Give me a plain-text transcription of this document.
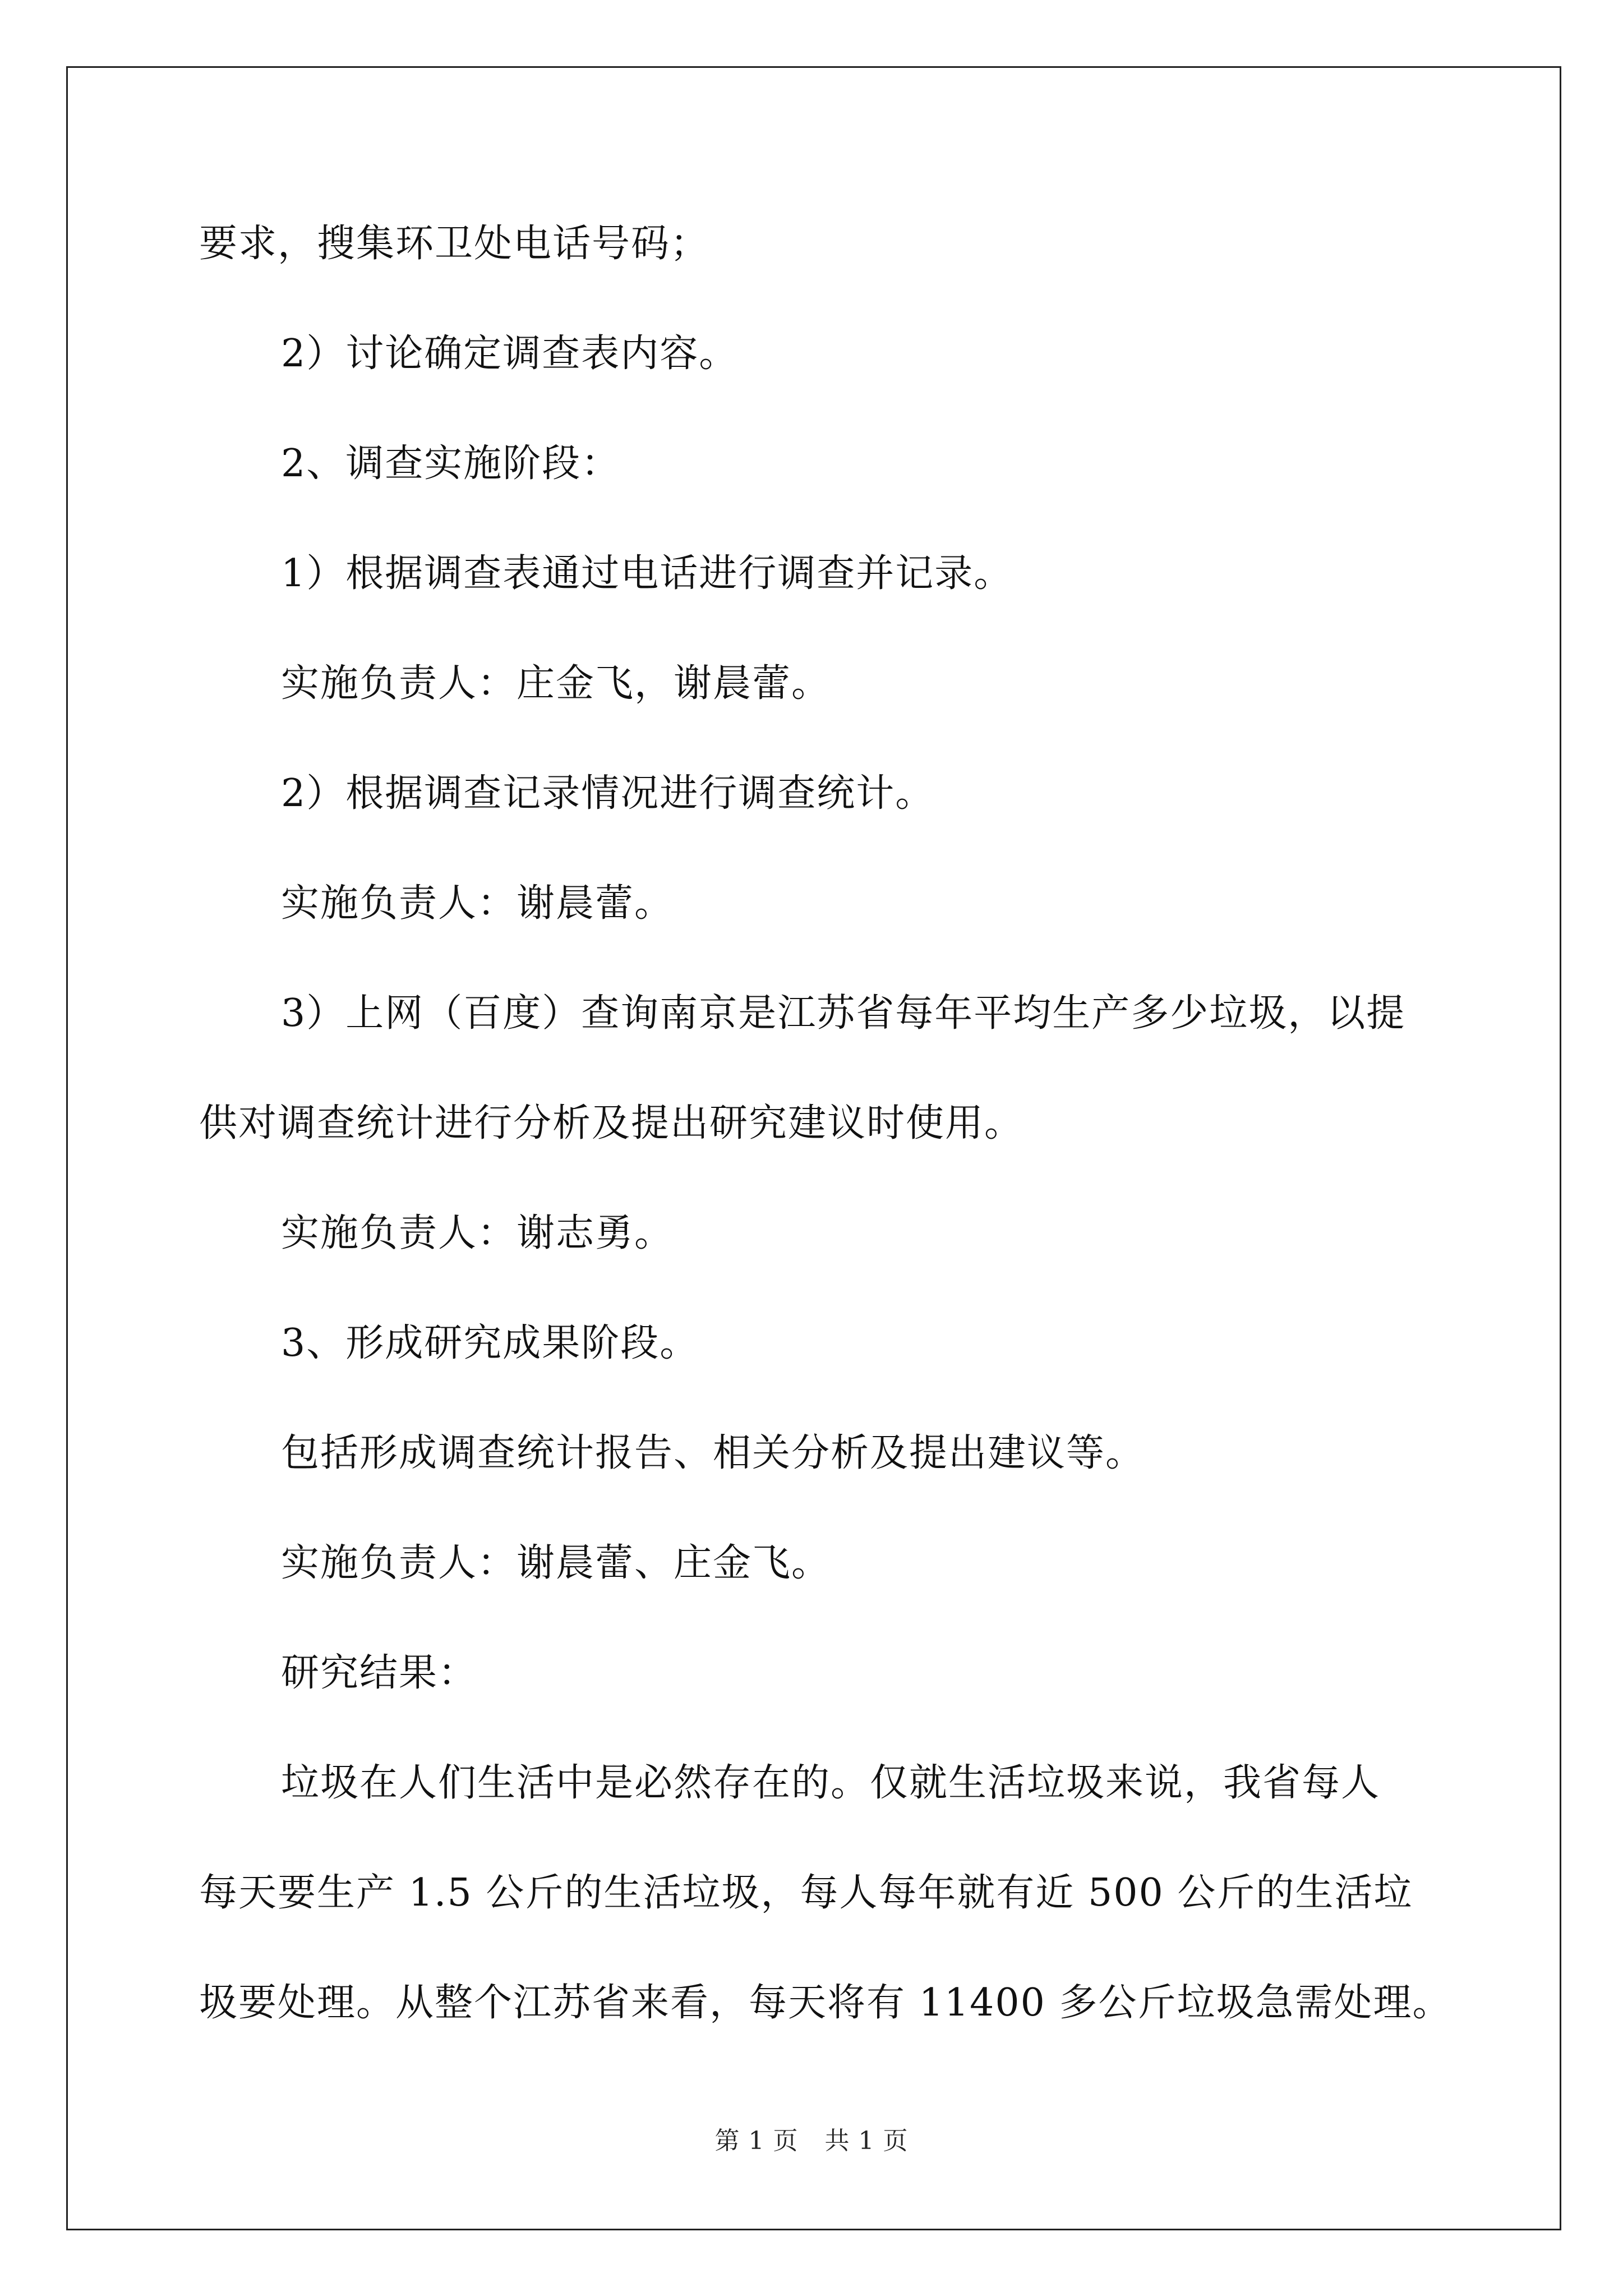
要求，搜集环卫处电话号码；
2）讨论确定调查表内容。
2、调查实施阶段：
1）根据调查表通过电话进行调查并记录。
实施负责人：庄金飞，谢晨蕾。
2）根据调查记录情况进行调查统计。
实施负责人：谢晨蕾。
3）上网（百度）查询南京是江苏省每年平均生产多少垃圾，以提
供对调查统计进行分析及提出研究建议时使用。
实施负责人：谢志勇。
3、形成研究成果阶段。
包括形成调查统计报告、相关分析及提出建议等。
实施负责人：谢晨蕾、庄金飞。
研究结果：
垃圾在人们生活中是必然存在的。仅就生活垃圾来说，我省每人
每天要生产 1.5 公斤的生活垃圾，每人每年就有近 500 公斤的生活垃
圾要处理。从整个江苏省来看，每天将有 11400 多公斤垃圾急需处理。
第 1 页 共 1 页
